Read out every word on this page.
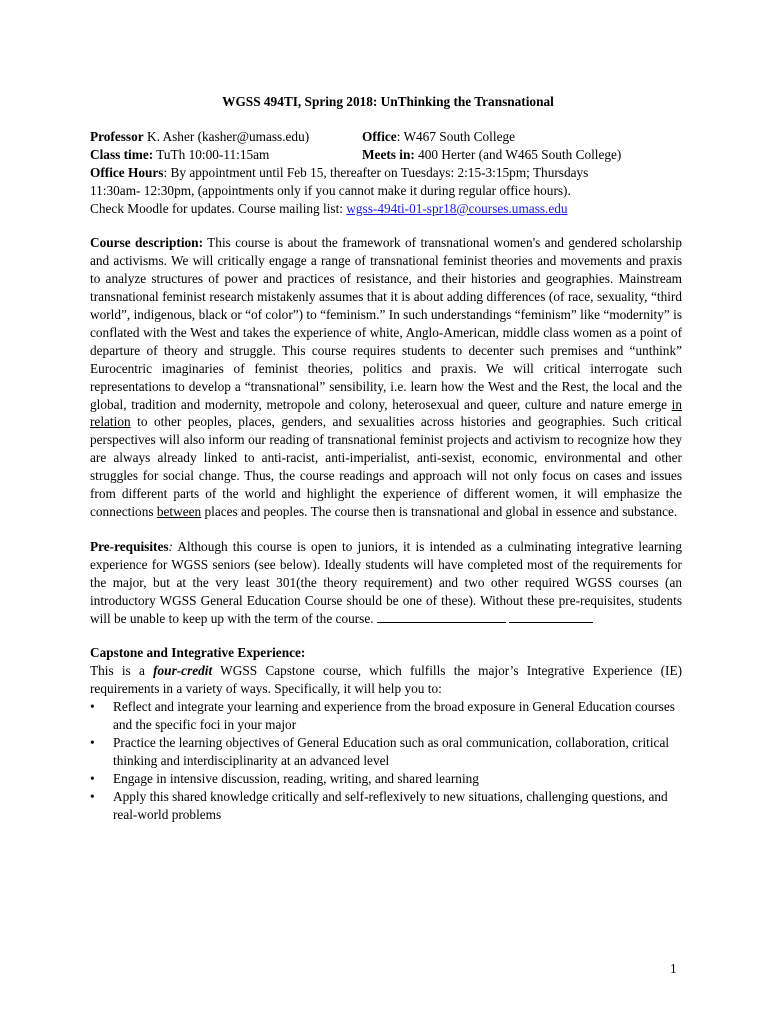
WGSS 494TI, Spring 2018: UnThinking the Transnational
Professor K. Asher (kasher@umass.edu)	Office: W467 South College
Class time: TuTh 10:00-11:15am	Meets in: 400 Herter (and W465 South College)
Office Hours: By appointment until Feb 15, thereafter on Tuesdays: 2:15-3:15pm; Thursdays
11:30am- 12:30pm, (appointments only if you cannot make it during regular office hours).
Check Moodle for updates. Course mailing list: wgss-494ti-01-spr18@courses.umass.edu

Course description: This course is about the framework of transnational women's and gendered scholarship and activisms. We will critically engage a range of transnational feminist theories and movements and praxis to analyze structures of power and practices of resistance, and their histories and geographies. Mainstream transnational feminist research mistakenly assumes that it is about adding differences (of race, sexuality, “third world”, indigenous, black or “of color”) to “feminism.” In such understandings “feminism” like “modernity” is conflated with the West and takes the experience of white, Anglo-American, middle class women as a point of departure of theory and struggle. This course requires students to decenter such premises and “unthink” Eurocentric imaginaries of feminist theories, politics and praxis. We will critical interrogate such representations to develop a “transnational” sensibility, i.e. learn how the West and the Rest, the local and the global, tradition and modernity, metropole and colony, heterosexual and queer, culture and nature emerge in relation to other peoples, places, genders, and sexualities across histories and geographies. Such critical perspectives will also inform our reading of transnational feminist projects and activism to recognize how they are always already linked to anti-racist, anti-imperialist, anti-sexist, economic, environmental and other struggles for social change. Thus, the course readings and approach will not only focus on cases and issues from different parts of the world and highlight the experience of different women, it will emphasize the connections between places and peoples. The course then is transnational and global in essence and substance.

Pre-requisites: Although this course is open to juniors, it is intended as a culminating integrative learning experience for WGSS seniors (see below). Ideally students will have completed most of the requirements for the major, but at the very least 301(the theory requirement) and two other required WGSS courses (an introductory WGSS General Education Course should be one of these). Without these pre-requisites, students will be unable to keep up with the term of the course.

Capstone and Integrative Experience:

This is a four-credit WGSS Capstone course, which fulfills the major’s Integrative Experience (IE) requirements in a variety of ways. Specifically, it will help you to:

• Reflect and integrate your learning and experience from the broad exposure in General Education courses and the specific foci in your major
• Practice the learning objectives of General Education such as oral communication, collaboration, critical thinking and interdisciplinarity at an advanced level
• Engage in intensive discussion, reading, writing, and shared learning
• Apply this shared knowledge critically and self-reflexively to new situations, challenging questions, and real-world problems
1
